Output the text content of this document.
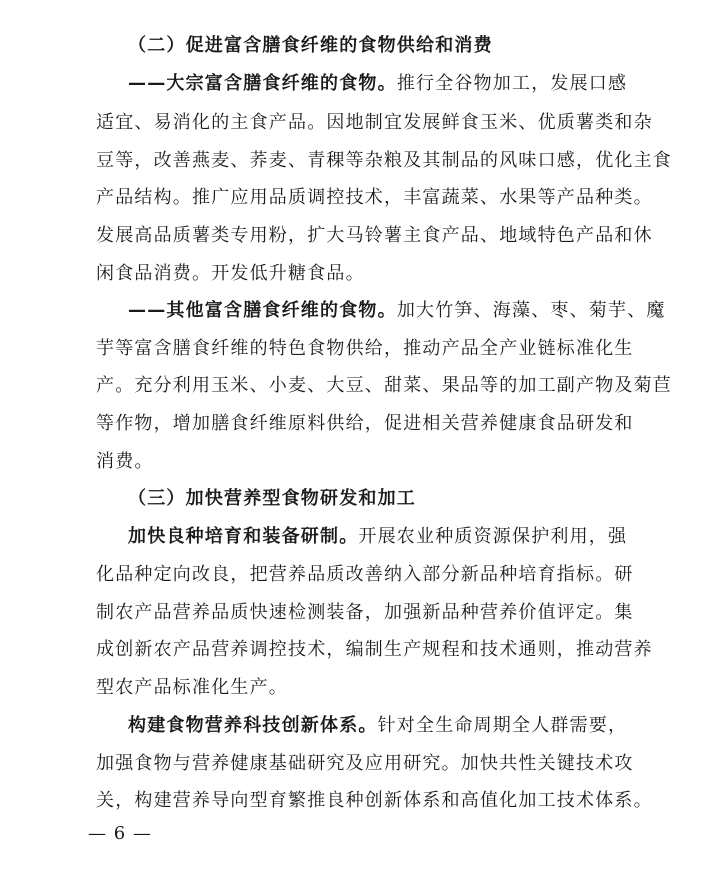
（二）促进富含膳食纤维的食物供给和消费
——大宗富含膳食纤维的食物。推行全谷物加工，发展口感
适宜、易消化的主食产品。因地制宜发展鲜食玉米、优质薯类和杂
豆等，改善燕麦、荞麦、青稞等杂粮及其制品的风味口感，优化主食
产品结构。推广应用品质调控技术，丰富蔬菜、水果等产品种类。
发展高品质薯类专用粉，扩大马铃薯主食产品、地域特色产品和休
闲食品消费。开发低升糖食品。
——其他富含膳食纤维的食物。加大竹笋、海藻、枣、菊芋、魔
芋等富含膳食纤维的特色食物供给，推动产品全产业链标准化生
产。充分利用玉米、小麦、大豆、甜菜、果品等的加工副产物及菊苣
等作物，增加膳食纤维原料供给，促进相关营养健康食品研发和
消费。
（三）加快营养型食物研发和加工
加快良种培育和装备研制。开展农业种质资源保护利用，强
化品种定向改良，把营养品质改善纳入部分新品种培育指标。研
制农产品营养品质快速检测装备，加强新品种营养价值评定。集
成创新农产品营养调控技术，编制生产规程和技术通则，推动营养
型农产品标准化生产。
构建食物营养科技创新体系。针对全生命周期全人群需要，
加强食物与营养健康基础研究及应用研究。加快共性关键技术攻
关，构建营养导向型育繁推良种创新体系和高值化加工技术体系。
— 6 —
